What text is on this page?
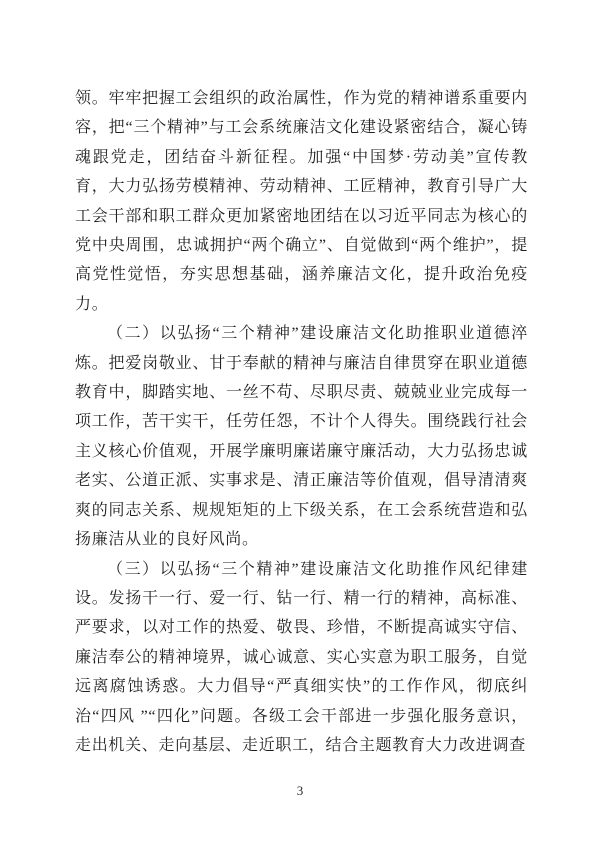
领。牢牢把握工会组织的政治属性，作为党的精神谱系重要内容，把“三个精神”与工会系统廉洁文化建设紧密结合，凝心铸魂跟党走，团结奋斗新征程。加强“中国梦·劳动美”宣传教育，大力弘扬劳模精神、劳动精神、工匠精神，教育引导广大工会干部和职工群众更加紧密地团结在以习近平同志为核心的党中央周围，忠诚拥护“两个确立”、自觉做到“两个维护”，提高党性觉悟，夯实思想基础，涵养廉洁文化，提升政治免疫力。

（二）以弘扬“三个精神”建设廉洁文化助推职业道德淬炼。把爱岗敬业、甘于奉献的精神与廉洁自律贯穿在职业道德教育中，脚踏实地、一丝不苟、尽职尽责、兢兢业业完成每一项工作，苦干实干，任劳任怨，不计个人得失。围绕践行社会主义核心价值观，开展学廉明廉诺廉守廉活动，大力弘扬忠诚老实、公道正派、实事求是、清正廉洁等价值观，倡导清清爽爽的同志关系、规规矩矩的上下级关系，在工会系统营造和弘扬廉洁从业的良好风尚。

（三）以弘扬“三个精神”建设廉洁文化助推作风纪律建设。发扬干一行、爱一行、钻一行、精一行的精神，高标准、严要求，以对工作的热爱、敬畏、珍惜，不断提高诚实守信、廉洁奉公的精神境界，诚心诚意、实心实意为职工服务，自觉远离腐蚀诱惑。大力倡导“严真细实快”的工作作风，彻底纠治“四风 ”“四化”问题。各级工会干部进一步强化服务意识，走出机关、走向基层、走近职工，结合主题教育大力改进调查

3
